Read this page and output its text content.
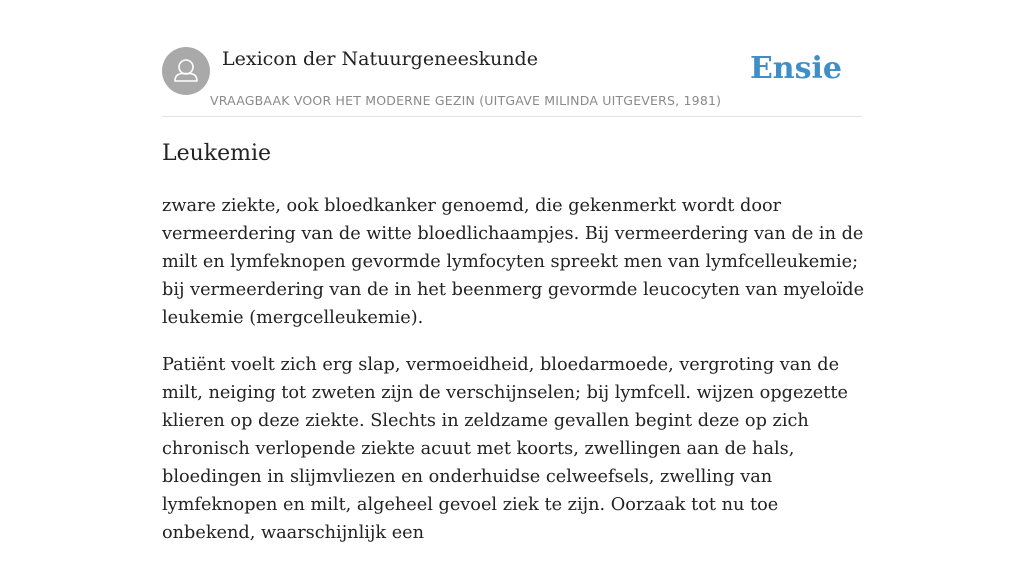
Lexicon der Natuurgeneeskunde
VRAAGBAAK VOOR HET MODERNE GEZIN (UITGAVE MILINDA UITGEVERS, 1981)
Ensie
Leukemie

zware ziekte, ook bloedkanker genoemd, die gekenmerkt wordt door vermeerdering van de witte bloedlichaampjes. Bij vermeerdering van de in de milt en lymfeknopen gevormde lymfocyten spreekt men van lymfcelleukemie; bij vermeerdering van de in het beenmerg gevormde leucocyten van myeloïde leukemie (mergcelleukemie).

Patiënt voelt zich erg slap, vermoeidheid, bloedarmoede, vergroting van de milt, neiging tot zweten zijn de verschijnselen; bij lymfcell. wijzen opgezette klieren op deze ziekte. Slechts in zeldzame gevallen begint deze op zich chronisch verlopende ziekte acuut met koorts, zwellingen aan de hals, bloedingen in slijmvliezen en onderhuidse celweefsels, zwelling van lymfeknopen en milt, algeheel gevoel ziek te zijn. Oorzaak tot nu toe onbekend, waarschijnlijk een
